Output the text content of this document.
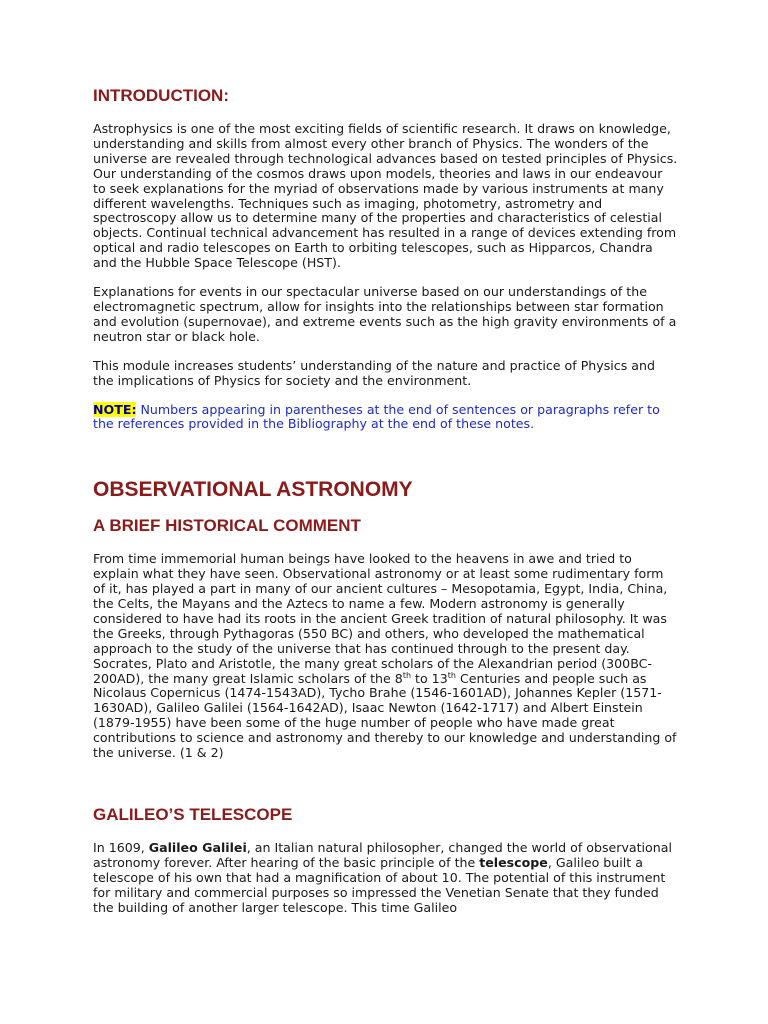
INTRODUCTION:

Astrophysics is one of the most exciting fields of scientific research. It draws on knowledge, understanding and skills from almost every other branch of Physics. The wonders of the universe are revealed through technological advances based on tested principles of Physics. Our understanding of the cosmos draws upon models, theories and laws in our endeavour to seek explanations for the myriad of observations made by various instruments at many different wavelengths. Techniques such as imaging, photometry, astrometry and spectroscopy allow us to determine many of the properties and characteristics of celestial objects. Continual technical advancement has resulted in a range of devices extending from optical and radio telescopes on Earth to orbiting telescopes, such as Hipparcos, Chandra and the Hubble Space Telescope (HST).

Explanations for events in our spectacular universe based on our understandings of the electromagnetic spectrum, allow for insights into the relationships between star formation and evolution (supernovae), and extreme events such as the high gravity environments of a neutron star or black hole.

This module increases students’ understanding of the nature and practice of Physics and the implications of Physics for society and the environment.

NOTE: Numbers appearing in parentheses at the end of sentences or paragraphs refer to the references provided in the Bibliography at the end of these notes.

OBSERVATIONAL ASTRONOMY
A BRIEF HISTORICAL COMMENT

From time immemorial human beings have looked to the heavens in awe and tried to explain what they have seen. Observational astronomy or at least some rudimentary form of it, has played a part in many of our ancient cultures – Mesopotamia, Egypt, India, China, the Celts, the Mayans and the Aztecs to name a few. Modern astronomy is generally considered to have had its roots in the ancient Greek tradition of natural philosophy. It was the Greeks, through Pythagoras (550 BC) and others, who developed the mathematical approach to the study of the universe that has continued through to the present day. Socrates, Plato and Aristotle, the many great scholars of the Alexandrian period (300BC-200AD), the many great Islamic scholars of the 8th to 13th Centuries and people such as Nicolaus Copernicus (1474-1543AD), Tycho Brahe (1546-1601AD), Johannes Kepler (1571-1630AD), Galileo Galilei (1564-1642AD), Isaac Newton (1642-1717) and Albert Einstein (1879-1955) have been some of the huge number of people who have made great contributions to science and astronomy and thereby to our knowledge and understanding of the universe. (1 & 2)

GALILEO’S TELESCOPE

In 1609, Galileo Galilei, an Italian natural philosopher, changed the world of observational astronomy forever. After hearing of the basic principle of the telescope, Galileo built a telescope of his own that had a magnification of about 10. The potential of this instrument for military and commercial purposes so impressed the Venetian Senate that they funded the building of another larger telescope. This time Galileo
